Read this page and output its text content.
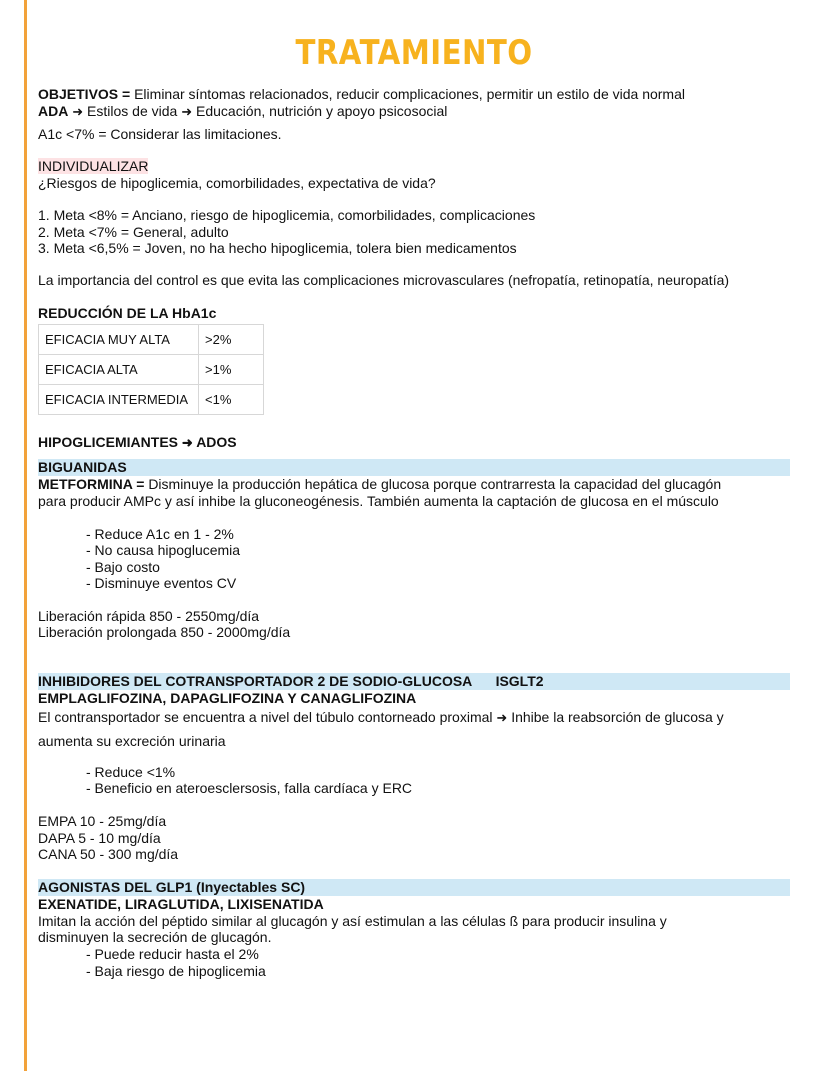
TRATAMIENTO
OBJETIVOS = Eliminar síntomas relacionados, reducir complicaciones, permitir un estilo de vida normal
ADA ➜ Estilos de vida ➜ Educación, nutrición y apoyo psicosocial
A1c <7% = Considerar las limitaciones.
INDIVIDUALIZAR
¿Riesgos de hipoglicemia, comorbilidades, expectativa de vida?
1. Meta <8% = Anciano, riesgo de hipoglicemia, comorbilidades, complicaciones
2. Meta <7% = General, adulto
3. Meta <6,5% = Joven, no ha hecho hipoglicemia, tolera bien medicamentos
La importancia del control es que evita las complicaciones microvasculares (nefropatía, retinopatía, neuropatía)
REDUCCIÓN DE LA HbA1c
EFICACIA MUY ALTA	>2%
EFICACIA ALTA	>1%
EFICACIA INTERMEDIA	<1%
HIPOGLICEMIANTES ➜ ADOS
BIGUANIDAS
METFORMINA = Disminuye la producción hepática de glucosa porque contrarresta la capacidad del glucagón
para producir AMPc y así inhibe la gluconeogénesis. También aumenta la captación de glucosa en el músculo
- Reduce A1c en 1 - 2%
- No causa hipoglucemia
- Bajo costo
- Disminuye eventos CV
Liberación rápida 850 - 2550mg/día
Liberación prolongada 850 - 2000mg/día
INHIBIDORES DEL COTRANSPORTADOR 2 DE SODIO-GLUCOSA ISGLT2
EMPLAGLIFOZINA, DAPAGLIFOZINA Y CANAGLIFOZINA
El contransportador se encuentra a nivel del túbulo contorneado proximal ➜ Inhibe la reabsorción de glucosa y
aumenta su excreción urinaria
- Reduce <1%
- Beneficio en ateroesclersosis, falla cardíaca y ERC
EMPA 10 - 25mg/día
DAPA 5 - 10 mg/día
CANA 50 - 300 mg/día
AGONISTAS DEL GLP1 (Inyectables SC)
EXENATIDE, LIRAGLUTIDA, LIXISENATIDA
Imitan la acción del péptido similar al glucagón y así estimulan a las células ß para producir insulina y
disminuyen la secreción de glucagón.
- Puede reducir hasta el 2%
- Baja riesgo de hipoglicemia
